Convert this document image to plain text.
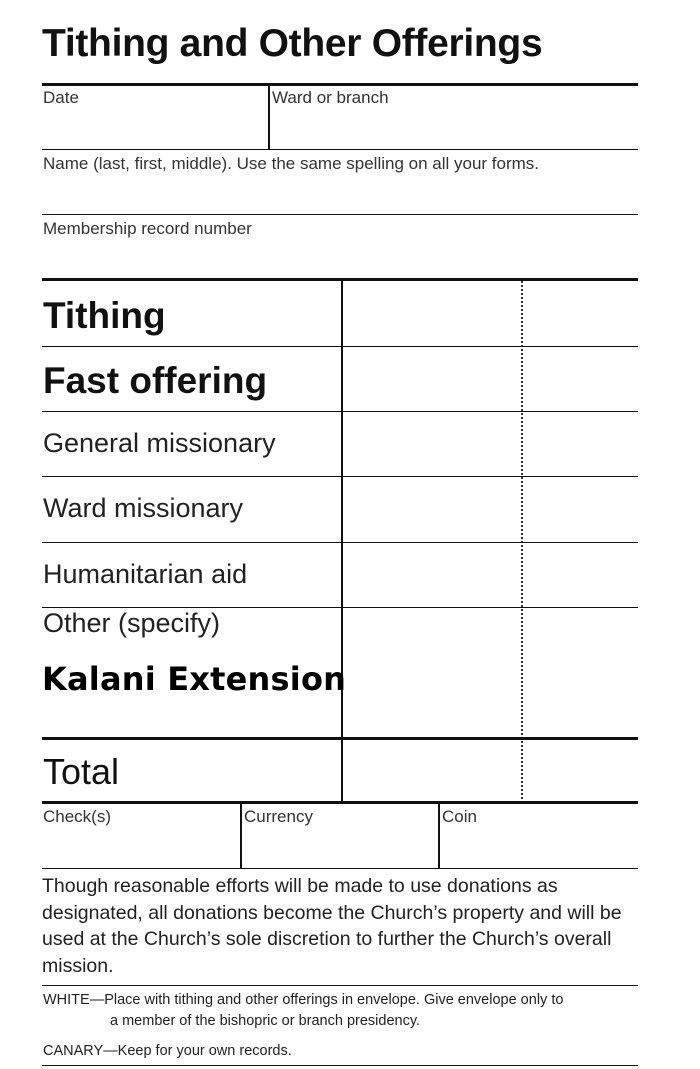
Tithing and Other Offerings
Date	Ward or branch
Name (last, first, middle). Use the same spelling on all your forms.
Membership record number
Tithing
Fast offering
General missionary
Ward missionary
Humanitarian aid
Other (specify)
Kalani Extension
Total
Check(s)	Currency	Coin
Though reasonable efforts will be made to use donations as designated, all donations become the Church’s property and will be used at the Church’s sole discretion to further the Church’s overall mission.
WHITE—Place with tithing and other offerings in envelope. Give envelope only to
a member of the bishopric or branch presidency.
CANARY—Keep for your own records.
